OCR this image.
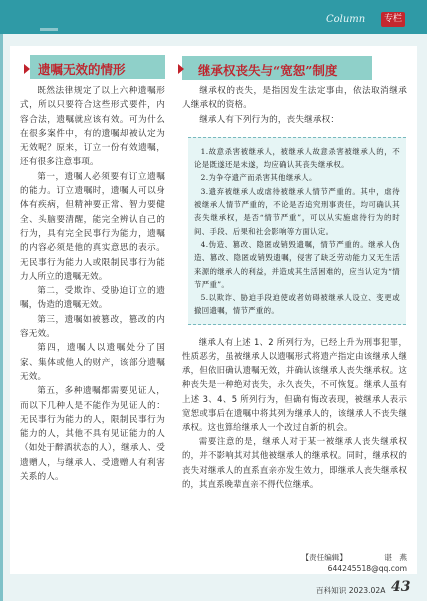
Column	专栏
遗嘱无效的情形

既然法律规定了以上六种遗嘱形式，所以只要符合这些形式要件，内容合法，遗嘱就应该有效。可为什么在很多案件中，有的遗嘱却被认定为无效呢？原来，订立一份有效遗嘱，还有很多注意事项。

第一，遗嘱人必须要有订立遗嘱的能力。订立遗嘱时，遗嘱人可以身体有疾病，但精神要正常、智力要健全、头脑要清醒，能完全辨认自己的行为，具有完全民事行为能力，遗嘱的内容必须是他的真实意思的表示。无民事行为能力人或限制民事行为能力人所立的遗嘱无效。

第二，受欺诈、受胁迫订立的遗嘱，伪造的遗嘱无效。

第三，遗嘱如被篡改，篡改的内容无效。

第四，遗嘱人以遗嘱处分了国家、集体或他人的财产，该部分遗嘱无效。

第五，多种遗嘱都需要见证人，而以下几种人是不能作为见证人的：无民事行为能力的人，限制民事行为能力的人，其他不具有见证能力的人（如处于醉酒状态的人），继承人、受遗赠人，与继承人、受遗赠人有利害关系的人。

继承权丧失与“宽恕”制度

继承权的丧失，是指因发生法定事由，依法取消继承人继承权的资格。

继承人有下列行为的，丧失继承权：

1.故意杀害被继承人，被继承人故意杀害被继承人的，不论是既遂还是未遂，均应确认其丧失继承权。

2.为争夺遗产而杀害其他继承人。

3.遗弃被继承人或虐待被继承人情节严重的。其中，虐待被继承人情节严重的，不论是否追究刑事责任，均可确认其丧失继承权，是否“情节严重”，可以从实施虐待行为的时间、手段、后果和社会影响等方面认定。

4.伪造、篡改、隐匿或销毁遗嘱，情节严重的。继承人伪造、篡改、隐匿或销毁遗嘱，侵害了缺乏劳动能力又无生活来源的继承人的利益，并造成其生活困难的，应当认定为“情节严重”。

5.以欺诈、胁迫手段迫使或者妨碍被继承人设立、变更或撤回遗嘱，情节严重的。

继承人有上述 1、2 所列行为，已经上升为刑事犯罪，性质恶劣，虽被继承人以遗嘱形式将遗产指定由该继承人继承，但依旧确认遗嘱无效，并确认该继承人丧失继承权。这种丧失是一种绝对丧失，永久丧失，不可恢复。继承人虽有上述 3、4、5 所列行为，但确有悔改表现，被继承人表示宽恕或事后在遗嘱中将其列为继承人的，该继承人不丧失继承权。这也算给继承人一个改过自新的机会。

需要注意的是，继承人对于某一被继承人丧失继承权的，并不影响其对其他被继承人的继承权。同时，继承权的丧失对继承人的直系直亲亦发生效力，即继承人丧失继承权的，其直系晚辈直亲不得代位继承。

【责任编辑】	谌　燕
644245518@qq.com
百科知识 2023.02A 43
